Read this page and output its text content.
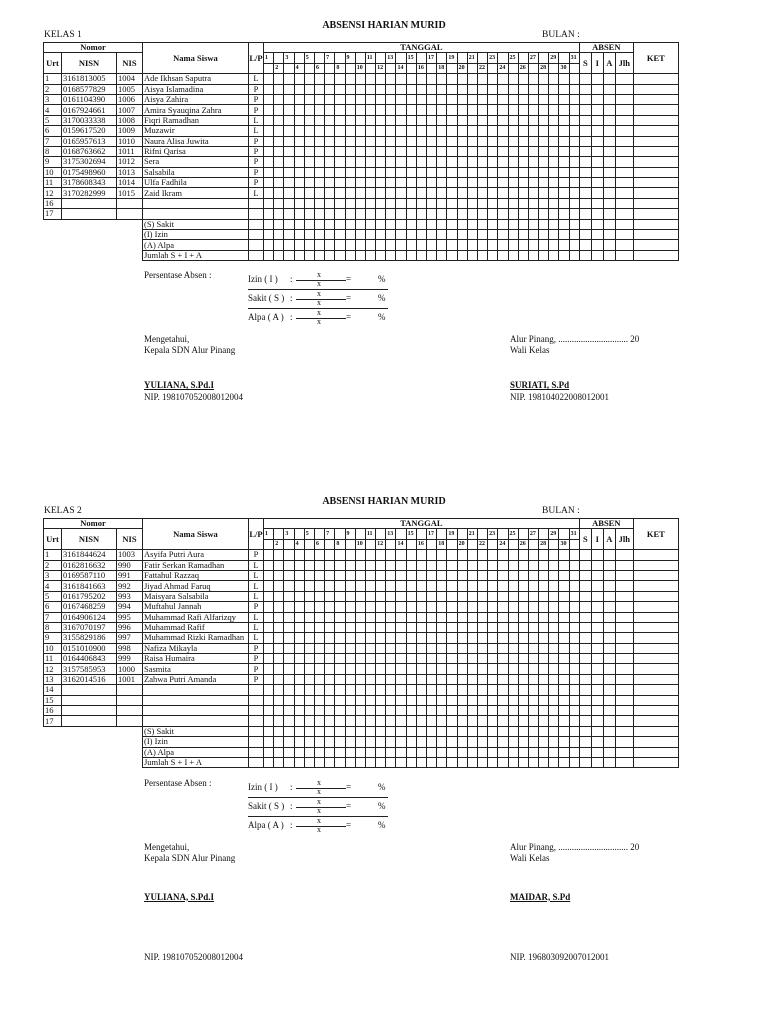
ABSENSI HARIAN MURID
KELAS 1	BULAN :
Nomor			Nama Siswa	L/P	TANGGAL																															ABSEN				KET
Urt	NISN	NIS			1		3		5		7		9		11		13		15		17		19		21		23		25		27		29		31	S	I	A	Jlh	
						2		4		6		8		10		12		14		16		18		20		22		24		26		28		30						
1	3161813005	1004	Ade Ikhsan Saputra	L																																				
2	0168577829	1005	Aisya Islamadina	P																																				
3	0161104390	1006	Aisya Zahira	P																																				
4	0167924661	1007	Amira Syauqina Zahra	P																																				
5	3170033338	1008	Fiqri Ramadhan	L																																				
6	0159617520	1009	Muzawir	L																																				
7	0165957613	1010	Naura Alisa Juwita	P																																				
8	0168763662	1011	Rifni Qarisa	P																																				
9	3175302694	1012	Sera	P																																				
10	0175498960	1013	Salsabila	P																																				
11	3178608343	1014	Ulfa Fadhila	P																																				
12	3170282999	1015	Zaid Ikram	L																																				
16																																								
17																																								
			(S) Sakit																																					
			(I) Izin																																					
			(A) Alpa																																					
			Jumlah S + I + A																																					
Persentase Absen :	Izin ( I ) :	x
x	=	%
Sakit ( S ) :	x
x	=	%
Alpa ( A ) :	x
x	=	%
Mengetahui,
Kepala SDN Alur Pinang
Alur Pinang, ............................... 20
Wali Kelas
YULIANA, S.Pd.I
NIP. 198107052008012004
SURIATI, S.Pd
NIP. 198104022008012001
ABSENSI HARIAN MURID
KELAS 2	BULAN :
Nomor			Nama Siswa	L/P	TANGGAL																															ABSEN				KET
Urt	NISN	NIS			1		3		5		7		9		11		13		15		17		19		21		23		25		27		29		31	S	I	A	Jlh	
						2		4		6		8		10		12		14		16		18		20		22		24		26		28		30						
1	3161844624	1003	Asyifa Putri Aura	P																																				
2	0162816632	990	Fatir Serkan Ramadhan	L																																				
3	0169587110	991	Fattahul Razzaq	L																																				
4	3161841663	992	Jiyad Ahmad Faruq	L																																				
5	0161795202	993	Maisyara Salsabila	L																																				
6	0167468259	994	Muftahul Jannah	P																																				
7	0164906124	995	Muhammad Rafi Alfarizqy	L																																				
8	3167070197	996	Muhammad Rafif	L																																				
9	3155829186	997	Muhammad Rizki Ramadhan	L																																				
10	0151010900	998	Nafiza Mikayla	P																																				
11	0164406843	999	Raisa Humaira	P																																				
12	3157585953	1000	Sasmita	P																																				
13	3162014516	1001	Zahwa Putri Amanda	P																																				
14																																								
15																																								
16																																								
17																																								
			(S) Sakit																																					
			(I) Izin																																					
			(A) Alpa																																					
			Jumlah S + I + A																																					
Persentase Absen :	Izin ( I ) :	x
x	=	%
Sakit ( S ) :	x
x	=	%
Alpa ( A ) :	x
x	=	%
Mengetahui,
Kepala SDN Alur Pinang
Alur Pinang, ............................... 20
Wali Kelas
YULIANA, S.Pd.I
NIP. 198107052008012004
MAIDAR, S.Pd
NIP. 196803092007012001
